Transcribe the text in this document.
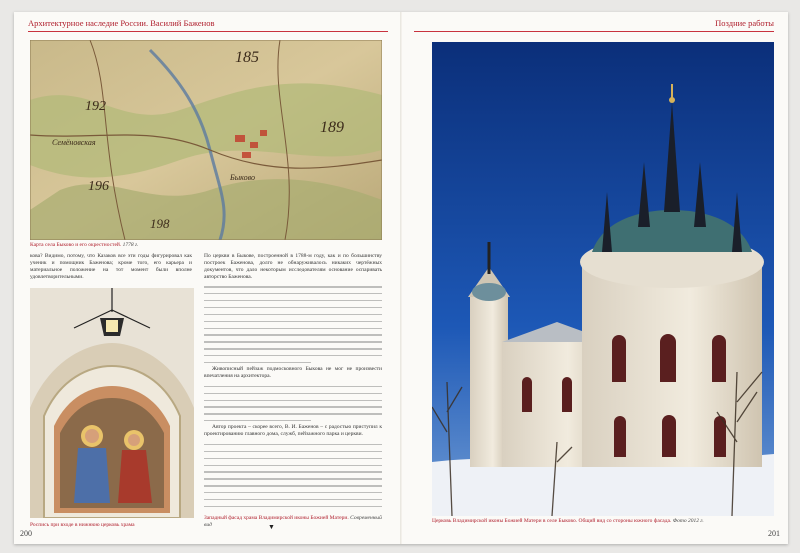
Архитектурное наследие России. Василий Баженов	Поздние работы
185
189
192
196
198
Семёновская
Быково
Карта села Быково и его окрестностей. 1778 г.

кова? Видимо, потому, что Казаков все эти годы фигурировал как ученик и помощник Баженова; кроме того, его карьера и материальное положение на тот момент были вполне удовлетворительными.

Роспись при входе в нижнюю церковь храма

По церкви в Быкове, построенной в 1788-м году, как и по большинству построек Баженова, долго не обнаруживалось никаких чертёжных документов, что дало некоторым исследователям основание оспаривать авторство Баженова.

Живописный пейзаж подмосковного Быкова не мог не произвести впечатления на архитектора.

Автор проекта – скорее всего, В. И. Баженов – с радостью приступил к проектированию главного дома, служб, пейзажного парка и церкви.

Западный фасад храма Владимирской иконы Божией Матери. Современный вид	▼
Церковь Владимирской иконы Божией Матери в селе Быково. Общий вид со стороны южного фасада. Фото 2012 г.
200	201
